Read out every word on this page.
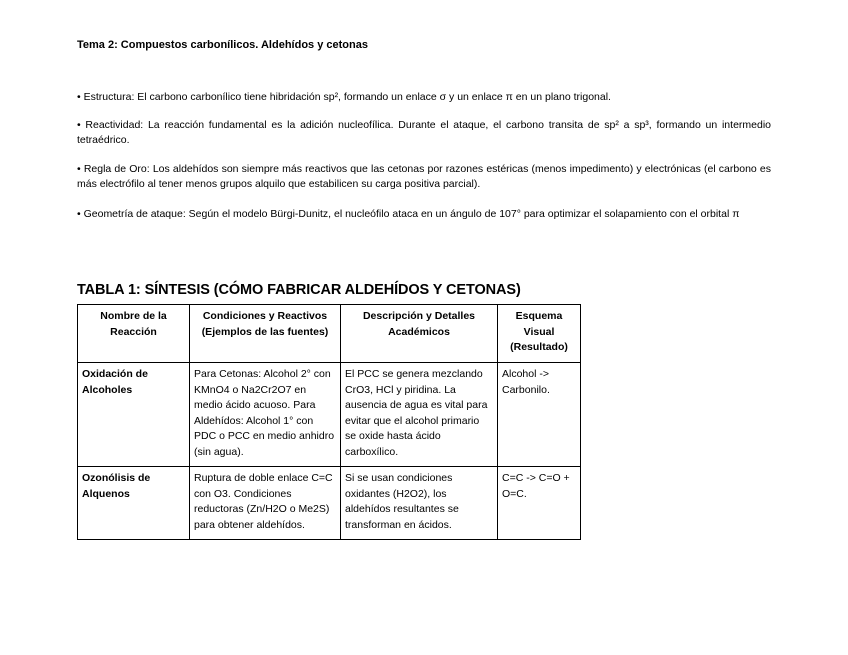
Tema 2: Compuestos carbonílicos. Aldehídos y cetonas

• Estructura: El carbono carbonílico tiene hibridación sp², formando un enlace σ y un enlace π en un plano trigonal.

• Reactividad: La reacción fundamental es la adición nucleofílica. Durante el ataque, el carbono transita de sp² a sp³, formando un intermedio tetraédrico.

• Regla de Oro: Los aldehídos son siempre más reactivos que las cetonas por razones estéricas (menos impedimento) y electrónicas (el carbono es más electrófilo al tener menos grupos alquilo que estabilicen su carga positiva parcial).

• Geometría de ataque: Según el modelo Bürgi-Dunitz, el nucleófilo ataca en un ángulo de 107° para optimizar el solapamiento con el orbital π

TABLA 1: SÍNTESIS (CÓMO FABRICAR ALDEHÍDOS Y CETONAS)
Nombre de la Reacción	Condiciones y Reactivos (Ejemplos de las fuentes)	Descripción y Detalles Académicos	Esquema Visual (Resultado)
Oxidación de Alcoholes	Para Cetonas: Alcohol 2° con KMnO4 o Na2Cr2O7 en medio ácido acuoso. Para Aldehídos: Alcohol 1° con PDC o PCC en medio anhidro (sin agua).	El PCC se genera mezclando CrO3, HCl y piridina. La ausencia de agua es vital para evitar que el alcohol primario se oxide hasta ácido carboxílico.	Alcohol -> Carbonilo.
Ozonólisis de Alquenos	Ruptura de doble enlace C=C con O3. Condiciones reductoras (Zn/H2O o Me2S) para obtener aldehídos.	Si se usan condiciones oxidantes (H2O2), los aldehídos resultantes se transforman en ácidos.	C=C -> C=O + O=C.
